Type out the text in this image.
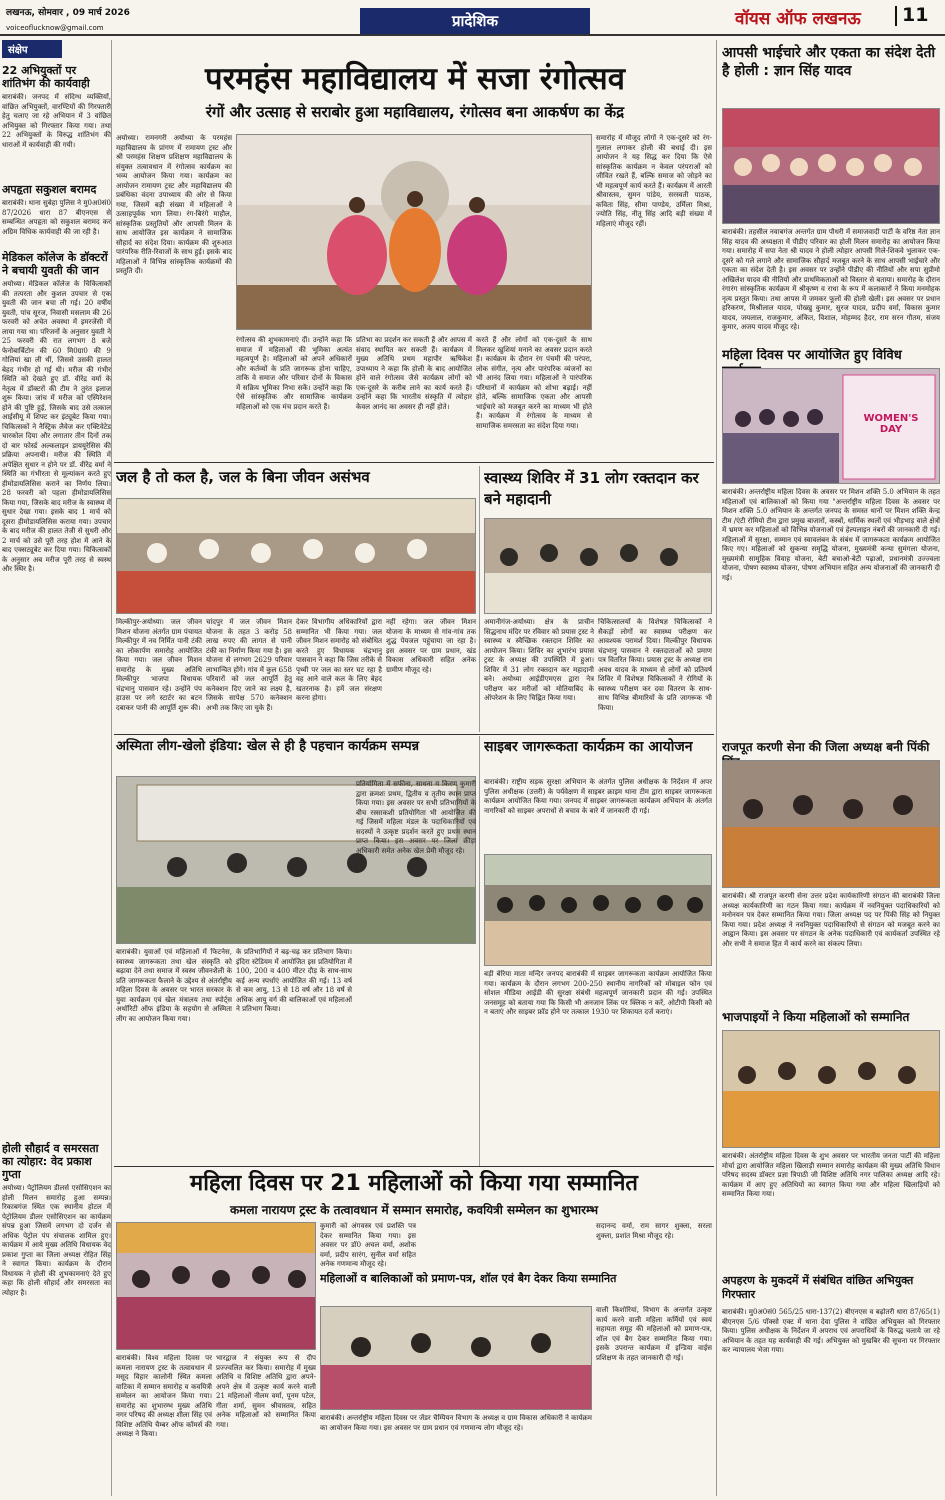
लखनऊ, सोमवार , 09 मार्च 2026
voiceoflucknow@gmail.com	प्रादेशिक	वॉयस ऑफ लखनऊ 11
संक्षेप
22 अभियुक्तों पर शांतिभंग की कार्यवाही
बाराबंकी। जनपद में संदिग्ध व्यक्तियों, वांछित अभियुक्तों, वारण्टियों की गिरफ्तारी हेतु चलाए जा रहे अभियान में 3 वांछित अभियुक्त को गिरफ्तार किया गया। तथा 22 अभियुक्तों के विरुद्ध शांतिभंग की धाराओं में कार्यवाही की गयी।
अपहृता सकुशल बरामद
बाराबंकी। थाना सुबेहा पुलिस ने मु0अ0सं0 87/2026 धारा 87 बीएनएस से सम्बन्धित अपहृता को सकुशल बरामद कर अग्रिम विधिक कार्यवाही की जा रही है।
मेडिकल कॉलेज के डॉक्टरों ने बचायी युवती की जान
अयोध्या। मेडिकल कॉलेज के चिकित्सकों की तत्परता और कुशल उपचार से एक युवती की जान बचा ली गई। 20 वर्षीय युवती, पांच सूरज, निवासी मसलाम की 26 फरवरी को अचेत अवस्था में इमरजेंसी में लाया गया था। परिजनों के अनुसार युवती ने 25 फरवरी की रात लगभग 8 बजे फेनोबार्बिटोन की 60 मि0ग्रा0 की 9 गोलियां खा ली थीं, जिससे उसकी हालत बेहद गंभीर हो गई थी। मरीज की गंभीर स्थिति को देखते हुए डॉ. वीरेंद्र वर्मा के नेतृत्व में डॉक्टरों की टीम ने तुरंत इलाज शुरू किया। जांच में मरीज को एस्पिरेशन होने की पुष्टि हुई, जिसके बाद उसे तत्काल आईसीयू में शिफ्ट कर इंट्यूबेट किया गया। चिकित्सकों ने नैस्ट्रिक लैवेज कर एक्टिवेटेड चारकोल दिया और लगातार तीन दिनों तक दो बार फोर्स्ड अल्कलाइन डाययूरेसिस की प्रक्रिया अपनायी। मरीज की स्थिति में अपेक्षित सुधार न होने पर डॉ. वीरेंद्र वर्मा ने स्थिति का गंभीरता से मूल्यांकन करते हुए हीमोडायलिसिस कराने का निर्णय लिया। 28 फरवरी को पहला हीमोडायलिसिस किया गया, जिसके बाद मरीज के स्वास्थ्य में सुधार देखा गया। इसके बाद 1 मार्च को दूसरा हीमोडायलिसिस कराया गया। उपचार के बाद मरीज की हालत तेजी से सुधरी और 2 मार्च को उसे पूरी तरह होश में आने के बाद एक्सट्यूबेट कर दिया गया। चिकित्सकों के अनुसार अब मरीज पूरी तरह से स्वस्थ और स्थिर है।
होली सौहार्द व समरसता का त्योहार: वेद प्रकाश गुप्ता
अयोध्या। पेट्रोलियम डीलर्स एसोसिएशन का होली मिलन समारोह हुआ सम्पन्न। रिकाबगंज स्थित एक स्थानीय होटल में पेट्रोलियम डीलर एसोसिएशन का कार्यक्रम संपन्न हुआ जिसमें लगभग दो दर्जन से अधिक पेट्रोल पंप संचालक शामिल हुए। कार्यक्रम में आये मुख्य अतिथि विधायक वेद प्रकाश गुप्ता का जिला अध्यक्ष रोहित सिंह ने स्वागत किया। कार्यक्रम के दौरान विधायक ने होली की शुभकामनाएं देते हुए कहा कि होली सौहार्द और समरसता का त्योहार है।
परमहंस महाविद्यालय में सजा रंगोत्सव
रंगों और उत्साह से सराबोर हुआ महाविद्यालय, रंगोत्सव बना आकर्षण का केंद्र
अयोध्या। रामनगरी अयोध्या के परमहंस महाविद्यालय के प्रांगण में रामायण ट्रस्ट और श्री परमहंस शिक्षण प्रशिक्षण महाविद्यालय के संयुक्त तत्वावधान में रंगोत्सव कार्यक्रम का भव्य आयोजन किया गया। कार्यक्रम का आयोजन रामायण ट्रस्ट और महाविद्यालय की प्रबंधिका वंदना उपाध्याय की ओर से किया गया, जिसमें बड़ी संख्या में महिलाओं ने उत्साहपूर्वक भाग लिया। रंग-बिरंगे माहौल, सांस्कृतिक प्रस्तुतियों और आपसी मिलन के साथ आयोजित इस कार्यक्रम ने सामाजिक सौहार्द का संदेश दिया। कार्यक्रम की शुरुआत पारंपरिक रीति-रिवाजों के साथ हुई। इसके बाद महिलाओं ने विभिन्न सांस्कृतिक कार्यक्रमों की प्रस्तुति दी।
रंगोत्सव की शुभकामनाएं दीं। उन्होंने कहा कि समाज में महिलाओं की भूमिका अत्यंत महत्वपूर्ण है। महिलाओं को अपने अधिकारों और कर्तव्यों के प्रति जागरूक होना चाहिए, ताकि वे समाज और परिवार दोनों के विकास में सक्रिय भूमिका निभा सकें। उन्होंने कहा कि ऐसे सांस्कृतिक और सामाजिक कार्यक्रम महिलाओं को एक मंच प्रदान करते हैं।
प्रतिभा का प्रदर्शन कर सकती हैं और आपस में संवाद स्थापित कर सकती हैं। कार्यक्रम में मुख्य अतिथि प्रथम महापौर ऋषिकेश उपाध्याय ने कहा कि होली के बाद आयोजित होने वाले रंगोत्सव जैसे कार्यक्रम लोगों को एक-दूसरे के करीब लाने का कार्य करते हैं। उन्होंने कहा कि भारतीय संस्कृति में त्योहार केवल आनंद का अवसर ही नहीं होते।
करते हैं और लोगों को एक-दूसरे के साथ मिलकर खुशियां मनाने का अवसर प्रदान करते हैं। कार्यक्रम के दौरान रंग पंचमी की परंपरा, लोक संगीत, नृत्य और पारंपरिक व्यंजनों का भी आनंद लिया गया। महिलाओं ने पारंपरिक परिधानों में कार्यक्रम को शोभा बढ़ाई। नहीं होते, बल्कि सामाजिक एकता और आपसी भाईचारे को मजबूत करने का माध्यम भी होते हैं। कार्यक्रम में रंगोत्सव के माध्यम से सामाजिक समरसता का संदेश दिया गया।
समारोह में मौजूद लोगों ने एक-दूसरे को रंग-गुलाल लगाकर होली की बधाई दी। इस आयोजन ने यह सिद्ध कर दिया कि ऐसे सांस्कृतिक कार्यक्रम न केवल परंपराओं को जीवित रखते हैं, बल्कि समाज को जोड़ने का भी महत्वपूर्ण कार्य करते हैं। कार्यक्रम में आरती श्रीवास्तव, सुमन पांडेय, सरस्वती पाठक, कविता सिंह, सीमा पाण्डेय, उर्मिला मिश्रा, ज्योति सिंह, नीतू सिंह आदि बड़ी संख्या में महिलाएं मौजूद रहीं।
आपसी भाईचारे और एकता का संदेश देती है होली : ज्ञान सिंह यादव
बाराबंकी। तहसील नवाबगंज अन्तर्गत ग्राम पौधरी में समाजवादी पार्टी के वरिष्ठ नेता ज्ञान सिंह यादव की अध्यक्षता में पीडीए परिवार का होली मिलन समारोह का आयोजन किया गया। समारोह में सपा नेता श्री यादव ने होली त्योहार आपसी गिले-शिकवे भुलाकर एक-दूसरे को गले लगाने और सामाजिक सौहार्द मजबूत करने के साथ आपसी भाईचारे और एकता का संदेश देती है। इस अवसर पर उन्होंने पीडीए की नीतियों और सपा सुप्रीमो अखिलेश यादव की नीतियों और प्राथमिकताओं को विस्तार से बताया। समारोह के दौरान रंगारंग सांस्कृतिक कार्यक्रम में श्रीकृष्ण व राधा के रूप में कलाकारों ने किया मनमोहक नृत्य प्रस्तुत किया। तथा आपस में जमकर फूलों की होली खेली। इस अवसर पर प्रधान हरिकरण, मिश्रीलाल यादव, पोख्खु कुमार, सुरज यादव, प्रदीप वर्मा, विकास कुमार यादव, जयलाल, राजकुमार, अंकित, विशाल, मोहम्मद हैदर, राम सरन गौतम, संजय कुमार, अजय यादव मौजूद रहे।
महिला दिवस पर आयोजित हुए विविध
WOMEN'S DAY
बाराबंकी। अन्तर्राष्ट्रीय महिला दिवस के अवसर पर मिशन शक्ति 5.0 अभियान के तहत महिलाओं एवं बालिकाओं को किया गया "अन्तर्राष्ट्रीय महिला दिवस के अवसर पर मिशन शक्ति 5.0 अभियान के अन्तर्गत जनपद के समस्त थानों पर मिशन शक्ति केन्द्र टीम /एंटी रोमियो टीम द्वारा प्रमुख बाजारों, कस्बों, धार्मिक स्थलों एवं भीड़भाड़ वाले क्षेत्रों में भ्रमण कर महिलाओं को विभिन्न योजनाओं एवं हेल्पलाइन नंबरों की जानकारी दी गई। महिलाओं में सुरक्षा, सम्मान एवं स्वावलंबन के संबंध में जागरूकता कार्यक्रम आयोजित किए गए। महिलाओं को सुकन्या समृद्धि योजना, मुख्यमंत्री कन्या सुमंगला योजना, मुख्यमंत्री सामूहिक विवाह योजना, बेटी बचाओ-बेटी पढ़ाओ, प्रधानमंत्री उज्ज्वला योजना, पोषण स्वास्थ्य योजना, पोषण अभियान सहित अन्य योजनाओं की जानकारी दी गई।
राजपूत करणी सेना की जिला अध्यक्ष बनी पिंकी
बाराबंकी। श्री राजपूत करणी सेना उत्तर प्रदेश कार्यकारिणी संगठन की बाराबंकी जिला अध्यक्ष कार्यकारिणी का गठन किया गया। कार्यक्रम में नवनियुक्त पदाधिकारियों को मनोनयन पत्र देकर सम्मानित किया गया। जिला अध्यक्ष पद पर पिंकी सिंह को नियुक्त किया गया। प्रदेश अध्यक्ष ने नवनियुक्त पदाधिकारियों से संगठन को मजबूत करने का आह्वान किया। इस अवसर पर संगठन के अनेक पदाधिकारी एवं कार्यकर्ता उपस्थित रहे और सभी ने समाज हित में कार्य करने का संकल्प लिया।
भाजपाइयों ने किया महिलाओं को सम्मानित
बाराबंकी। अंतर्राष्ट्रीय महिला दिवस के शुभ अवसर पर भारतीय जनता पार्टी की महिला मोर्चा द्वारा आयोजित महिला खिलाड़ी सम्मान समारोह कार्यक्रम की मुख्य अतिथि विधान परिषद सदस्य डॉक्टर प्रज्ञा त्रिपाठी जी विशिष्ट अतिथि नगर पालिका अध्यक्ष आदि रहे। कार्यक्रम में आए हुए अतिथियों का स्वागत किया गया और महिला खिलाड़ियों को सम्मानित किया गया।
अपहरण के मुकदमें में संबंधित वांछित अभियुक्त गिरफ्तार
बाराबंकी। मु0अ0सं0 565/25 धारा-137(2) बीएनएस व बढ़ोतरी धारा 87/65(1) बीएनएस 5/6 पॉक्सो एक्ट में थाना देवा पुलिस ने वांछित अभियुक्त को गिरफ्तार किया। पुलिस अधीक्षक के निर्देशन में अपराध एवं अपराधियों के विरुद्ध चलाये जा रहे अभियान के तहत यह कार्यवाही की गई। अभियुक्त को मुखबिर की सूचना पर गिरफ्तार कर न्यायालय भेजा गया।
जल है तो कल है, जल के बिना जीवन असंभव
मिल्कीपुर-अयोध्या। जल जीवन मिशन योजना अंतर्गत ग्राम पंचायत मिल्कीपुर में नव निर्मित पानी टंकी का लोकार्पण समारोह आयोजित किया गया। जल जीवन मिशन समारोह के मुख्य अतिथि मिल्कीपुर भाजपा विधायक चंद्रभानु पासवान रहे। उन्होंने पंप हाउस पर लगे स्टार्टर का बटन दबाकर पानी की आपूर्ति शुरू की।
चांदपुर में जल जीवन मिशन योजना के तहत 3 करोड़ 58 लाख रुपए की लागत से पानी टंकी का निर्माण किया गया है। इस योजना से लगभग 2629 परिवार लाभान्वित होंगे। गांव में कुल 658 परिवारों को जल आपूर्ति हेतु कनेक्शन दिए जाने का लक्ष्य है, जिसके सापेक्ष 570 कनेक्शन अभी तक किए जा चुके हैं।
देकर विभागीय अधिकारियों द्वारा सम्मानित भी किया गया। जल जीवन मिशन समारोह को संबोधित करते हुए विधायक चंद्रभानु पासवान ने कहा कि जिस तरीके से पृथ्वी पर जल का स्तर घट रहा है वह आने वाले कल के लिए बेहद खतरनाक है। हमें जल संरक्षण करना होगा।
नहीं रहेगा। जल जीवन मिशन योजना के माध्यम से गांव-गांव तक शुद्ध पेयजल पहुंचाया जा रहा है। इस अवसर पर ग्राम प्रधान, खंड विकास अधिकारी सहित अनेक ग्रामीण मौजूद रहे।
स्वास्थ्य शिविर में 31 लोग रक्तदान कर बने महादानी
अमानीगंज-अयोध्या। क्षेत्र के प्राचीन सिद्धनाथ मंदिर पर रविवार को प्रयास ट्रस्ट ने स्वास्थ्य व स्वैच्छिक रक्तदान शिविर का आयोजन किया। शिविर का शुभारंभ प्रयास ट्रस्ट के अध्यक्ष की उपस्थिति में हुआ। शिविर में 31 लोग रक्तदान कर महादानी बने। अयोध्या आईडीएमएस द्वारा नेत्र परीक्षण कर मरीजों को मोतियाबिंद के ऑपरेशन के लिए चिह्नित किया गया।
चिकित्सालयों के विशेषज्ञ चिकित्सकों ने सैकड़ों लोगों का स्वास्थ्य परीक्षण कर आवश्यक परामर्श दिया। मिल्कीपुर विधायक चंद्रभानु पासवान ने रक्तदाताओं को प्रमाण पत्र वितरित किया। प्रयास ट्रस्ट के अध्यक्ष राम अवध यादव के माध्यम से लोगों को प्रतिवर्ष शिविर में विशेषज्ञ चिकित्सकों ने रोगियों के स्वास्थ्य परीक्षण कर दवा वितरण के साथ-साथ विभिन्न बीमारियों के प्रति जागरूक भी किया।
अस्मिता लीग-खेलो इंडिया: खेल से ही है पहचान कार्यक्रम सम्पन्न
बाराबंकी। युवाओं एवं महिलाओं में फिटनेस, स्वास्थ्य जागरूकता तथा खेल संस्कृति को बढ़ावा देने तथा समाज में स्वस्थ जीवनशैली के प्रति जागरूकता फैलाने के उद्देश्य से अंतर्राष्ट्रीय महिला दिवस के अवसर पर भारत सरकार के युवा कार्यक्रम एवं खेल मंत्रालय तथा स्पोर्ट्स अथॉरिटी ऑफ इंडिया के सहयोग से अस्मिता लीग का आयोजन किया गया।
के प्रतिभागियों ने बढ़-चढ़ कर प्रतिभाग किया। इंदिरा स्टेडियम में आयोजित इस प्रतियोगिता में 100, 200 व 400 मीटर दौड़ के साथ-साथ कई अन्य स्पर्धाएं आयोजित की गई। 13 वर्ष से कम आयु, 13 से 18 वर्ष और 18 वर्ष से अधिक आयु वर्ग की बालिकाओं एवं महिलाओं ने प्रतिभाग किया।
प्रतियोगिता में सफीना, साधना व किरण कुमारी द्वारा क्रमशः प्रथम, द्वितीय व तृतीय स्थान प्राप्त किया गया। इस अवसर पर सभी प्रतिभागियों के बीच रस्साकशी प्रतियोगिता भी आयोजित की गई जिसमें महिला मंडल के पदाधिकारियों एवं सदस्यों ने उत्कृष्ट प्रदर्शन करते हुए प्रथम स्थान प्राप्त किया। इस अवसर पर जिला क्रीड़ा अधिकारी समेत अनेक खेल प्रेमी मौजूद रहे।
साइबर जागरूकता कार्यक्रम का आयोजन
बाराबंकी। राष्ट्रीय सड़क सुरक्षा अभियान के अंतर्गत पुलिस अधीक्षक के निर्देशन में अपर पुलिस अधीक्षक (उत्तरी) के पर्यवेक्षण में साइबर क्राइम थाना टीम द्वारा साइबर जागरूकता कार्यक्रम आयोजित किया गया। जनपद में साइबर जागरूकता कार्यक्रम अभियान के अंतर्गत नागरिकों को साइबर अपराधों से बचाव के बारे में जानकारी दी गई।
बड़ी बेरिया माता मन्दिर जनपद बाराबंकी में साइबर जागरूकता कार्यक्रम आयोजित किया गया। कार्यक्रम के दौरान लगभग 200-250 स्थानीय नागरिकों को मोबाइल फोन एवं सोशल मीडिया आईडी की सुरक्षा संबंधी महत्वपूर्ण जानकारी प्रदान की गई। उपस्थित जनसमूह को बताया गया कि किसी भी अनजान लिंक पर क्लिक न करें, ओटीपी किसी को न बताएं और साइबर फ्रॉड होने पर तत्काल 1930 पर शिकायत दर्ज कराएं।
महिला दिवस पर 21 महिलाओं को किया गया सम्मानित
कमला नारायण ट्रस्ट के तत्वावधान में सम्मान समारोह, कवयित्री सम्मेलन का शुभारम्भ
बाराबंकी। विश्व महिला दिवस पर कमला नारायण ट्रस्ट के तत्वावधान में मसूद विहार कालोनी स्थित कमला वाटिका में सम्मान समारोह व कवयित्री सम्मेलन का आयोजन किया गया। समारोह का शुभारम्भ मुख्य अतिथि नगर परिषद की अध्यक्ष शीला सिंह एवं विशिष्ट अतिथि चैम्बर ऑफ कॉमर्स की अध्यक्ष ने किया।
भारद्वाज ने संयुक्त रूप से दीप प्रज्ज्वलित कर किया। समारोह में मुख्य अतिथि व विशिष्ट अतिथि द्वारा अपने-अपने क्षेत्र में उत्कृष्ट कार्य करने वाली 21 महिलाओं नीलम वर्मा, पूनम पटेल, गीता शर्मा, सुमन श्रीवास्तव, सहित अनेक महिलाओं को सम्मानित किया गया।
कुमारी को अंगवस्त्र एवं प्रशस्ति पत्र देकर सम्मानित किया गया। इस अवसर पर डॉ0 अचल वर्मा, अशोक वर्मा, प्रदीप सारंग, सुनील वर्मा सहित अनेक गणमान्य मौजूद रहे।
सदानन्द वर्मा, राम सागर शुक्ला, सरला शुक्ला, प्रशांत मिश्रा मौजूद रहे।
महिलाओं व बालिकाओं को प्रमाण-पत्र, शॉल एवं बैग देकर किया सम्मानित
बाराबंकी। अन्तर्राष्ट्रीय महिला दिवस पर जेंडर चैम्पियन विभाग के अध्यक्ष व ग्राम विकास अधिकारी ने कार्यक्रम का आयोजन किया गया। इस अवसर पर ग्राम प्रधान एवं गणमान्य लोग मौजूद रहे।
वाली किशोरियां, विभाग के अन्तर्गत उत्कृष्ट कार्य करने वाली महिला कर्मियों एवं स्वयं सहायता समूह की महिलाओं को प्रमाण-पत्र, शॉल एवं बैग देकर सम्मानित किया गया। इसके उपरान्त कार्यक्रम में इन्डिया वाईस प्रशिक्षण के तहत जानकारी दी गई।
